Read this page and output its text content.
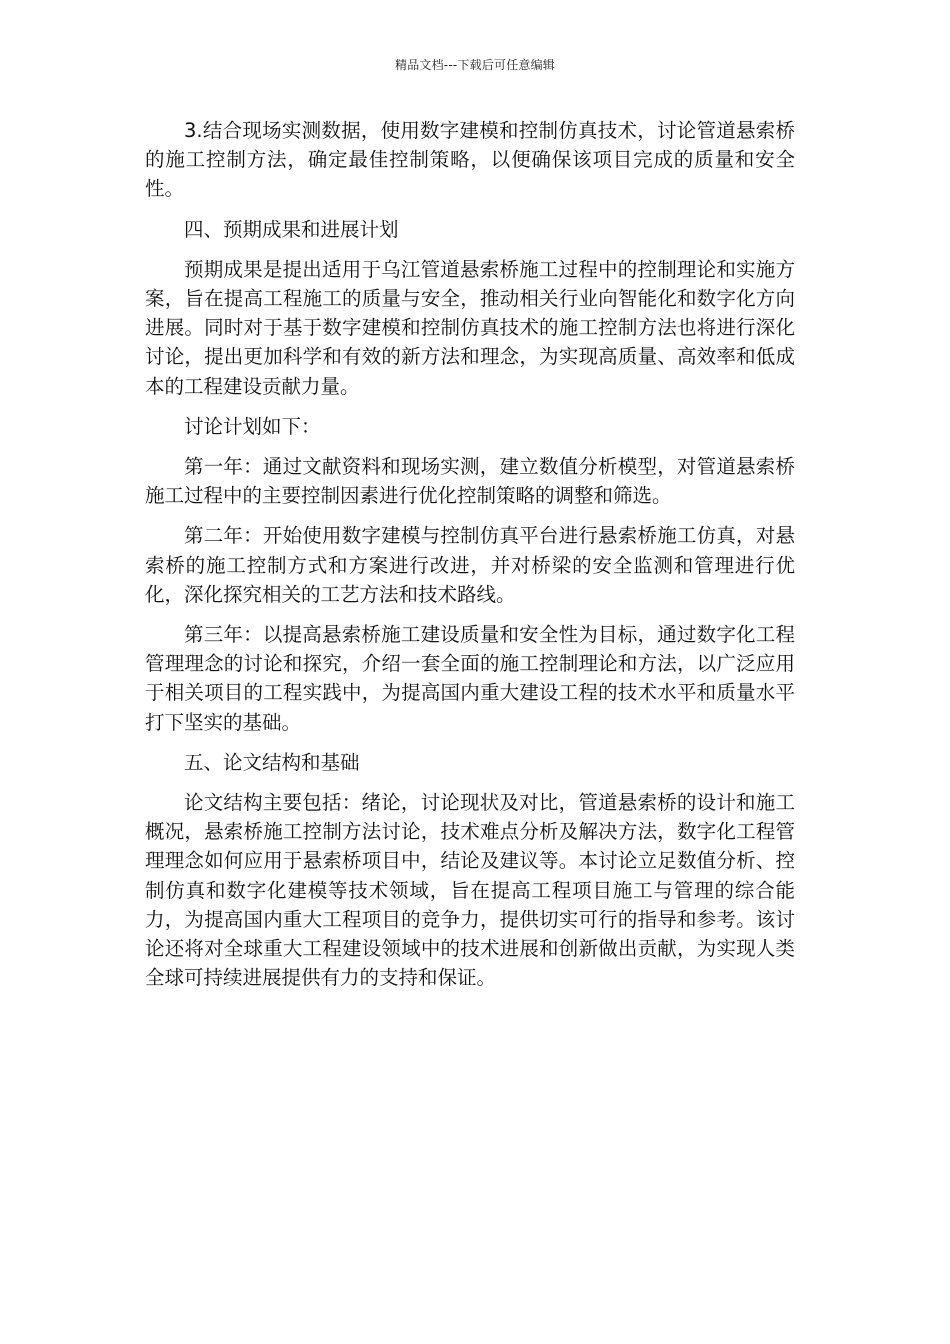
精品文档---下载后可任意编辑

3.结合现场实测数据，使用数字建模和控制仿真技术，讨论管道悬索桥的施工控制方法，确定最佳控制策略，以便确保该项目完成的质量和安全性。

四、预期成果和进展计划

预期成果是提出适用于乌江管道悬索桥施工过程中的控制理论和实施方案，旨在提高工程施工的质量与安全，推动相关行业向智能化和数字化方向进展。同时对于基于数字建模和控制仿真技术的施工控制方法也将进行深化讨论，提出更加科学和有效的新方法和理念，为实现高质量、高效率和低成本的工程建设贡献力量。

讨论计划如下：

第一年：通过文献资料和现场实测，建立数值分析模型，对管道悬索桥施工过程中的主要控制因素进行优化控制策略的调整和筛选。

第二年：开始使用数字建模与控制仿真平台进行悬索桥施工仿真，对悬索桥的施工控制方式和方案进行改进，并对桥梁的安全监测和管理进行优化，深化探究相关的工艺方法和技术路线。

第三年：以提高悬索桥施工建设质量和安全性为目标，通过数字化工程管理理念的讨论和探究，介绍一套全面的施工控制理论和方法，以广泛应用于相关项目的工程实践中，为提高国内重大建设工程的技术水平和质量水平打下坚实的基础。

五、论文结构和基础

论文结构主要包括：绪论，讨论现状及对比，管道悬索桥的设计和施工概况，悬索桥施工控制方法讨论，技术难点分析及解决方法，数字化工程管理理念如何应用于悬索桥项目中，结论及建议等。本讨论立足数值分析、控制仿真和数字化建模等技术领域，旨在提高工程项目施工与管理的综合能力，为提高国内重大工程项目的竞争力，提供切实可行的指导和参考。该讨论还将对全球重大工程建设领域中的技术进展和创新做出贡献，为实现人类全球可持续进展提供有力的支持和保证。
